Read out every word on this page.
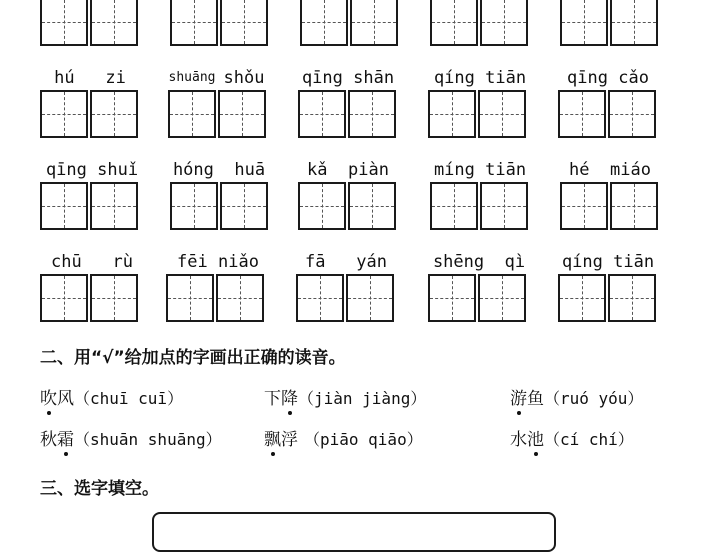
hú   zi	shuāng shǒu	qīng shān	qíng tiān	qīng cǎo
qīng shuǐ	hóng  huā	kǎ  piàn	míng tiān	hé  miáo
chū   rù	fēi niǎo	fā   yán	shēng  qì	qíng tiān
二、用“√”给加点的字画出正确的读音。
吹风（chuī cuī）	下降（jiàn jiàng）	游鱼（ruó yóu）
秋霜（shuān shuāng） 飘浮 （piāo qiāo）	水池（cí chí）
三、选字填空。
